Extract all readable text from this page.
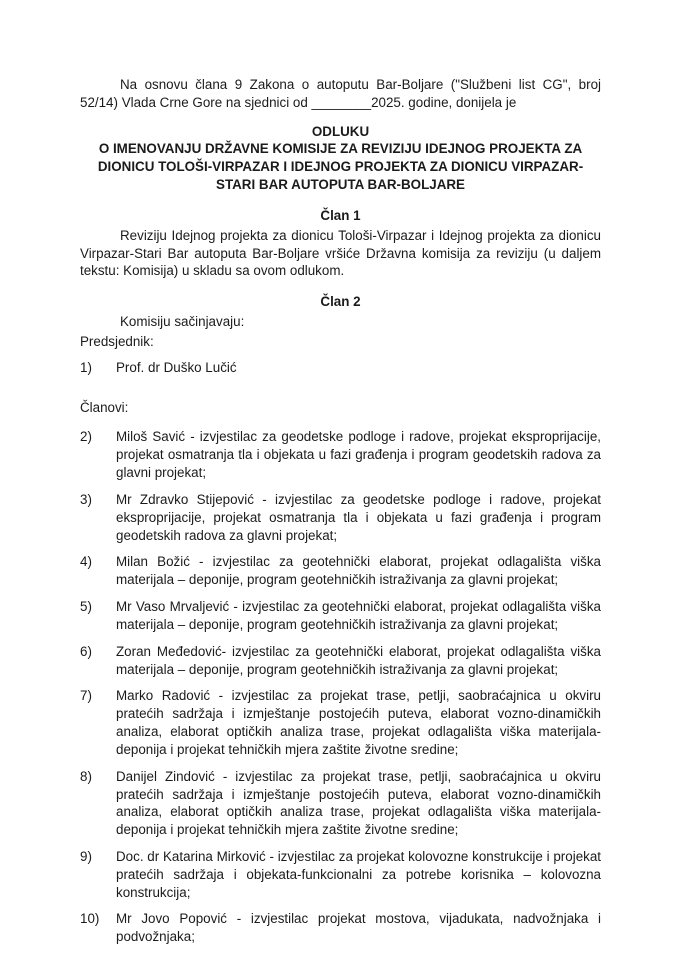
Na osnovu člana 9 Zakona o autoputu Bar-Boljare ("Službeni list CG", broj 52/14) Vlada Crne Gore na sjednici od ________2025. godine, donijela je

ODLUKU
O IMENOVANJU DRŽAVNE KOMISIJE ZA REVIZIJU IDEJNOG PROJEKTA ZA DIONICU TOLOŠI-VIRPAZAR I IDEJNOG PROJEKTA ZA DIONICU VIRPAZAR-STARI BAR AUTOPUTA BAR-BOLJARE
Član 1

Reviziju Idejnog projekta za dionicu Tološi-Virpazar i Idejnog projekta za dionicu Virpazar-Stari Bar autoputa Bar-Boljare vršiće Državna komisija za reviziju (u daljem tekstu: Komisija) u skladu sa ovom odlukom.

Član 2

Komisiju sačinjavaju:

Predsjednik:
1)	Prof. dr Duško Lučić
Članovi:
2)	Miloš Savić - izvjestilac za geodetske podloge i radove, projekat eksproprijacije, projekat osmatranja tla i objekata u fazi građenja i program geodetskih radova za glavni projekat;
3)	Mr Zdravko Stijepović - izvjestilac za geodetske podloge i radove, projekat eksproprijacije, projekat osmatranja tla i objekata u fazi građenja i program geodetskih radova za glavni projekat;
4)	Milan Božić - izvjestilac za geotehnički elaborat, projekat odlagališta viška materijala – deponije, program geotehničkih istraživanja za glavni projekat;
5)	Mr Vaso Mrvaljević - izvjestilac za geotehnički elaborat, projekat odlagališta viška materijala – deponije, program geotehničkih istraživanja za glavni projekat;
6)	Zoran Međedović- izvjestilac za geotehnički elaborat, projekat odlagališta viška materijala – deponije, program geotehničkih istraživanja za glavni projekat;
7)	Marko Radović - izvjestilac za projekat trase, petlji, saobraćajnica u okviru pratećih sadržaja i izmještanje postojećih puteva, elaborat vozno-dinamičkih analiza, elaborat optičkih analiza trase, projekat odlagališta viška materijala-deponija i projekat tehničkih mjera zaštite životne sredine;
8)	Danijel Zindović - izvjestilac za projekat trase, petlji, saobraćajnica u okviru pratećih sadržaja i izmještanje postojećih puteva, elaborat vozno-dinamičkih analiza, elaborat optičkih analiza trase, projekat odlagališta viška materijala-deponija i projekat tehničkih mjera zaštite životne sredine;
9)	Doc. dr Katarina Mirković - izvjestilac za projekat kolovozne konstrukcije i projekat pratećih sadržaja i objekata-funkcionalni za potrebe korisnika – kolovozna konstrukcija;
10)	Mr Jovo Popović - izvjestilac projekat mostova, vijadukata, nadvožnjaka i podvožnjaka;
